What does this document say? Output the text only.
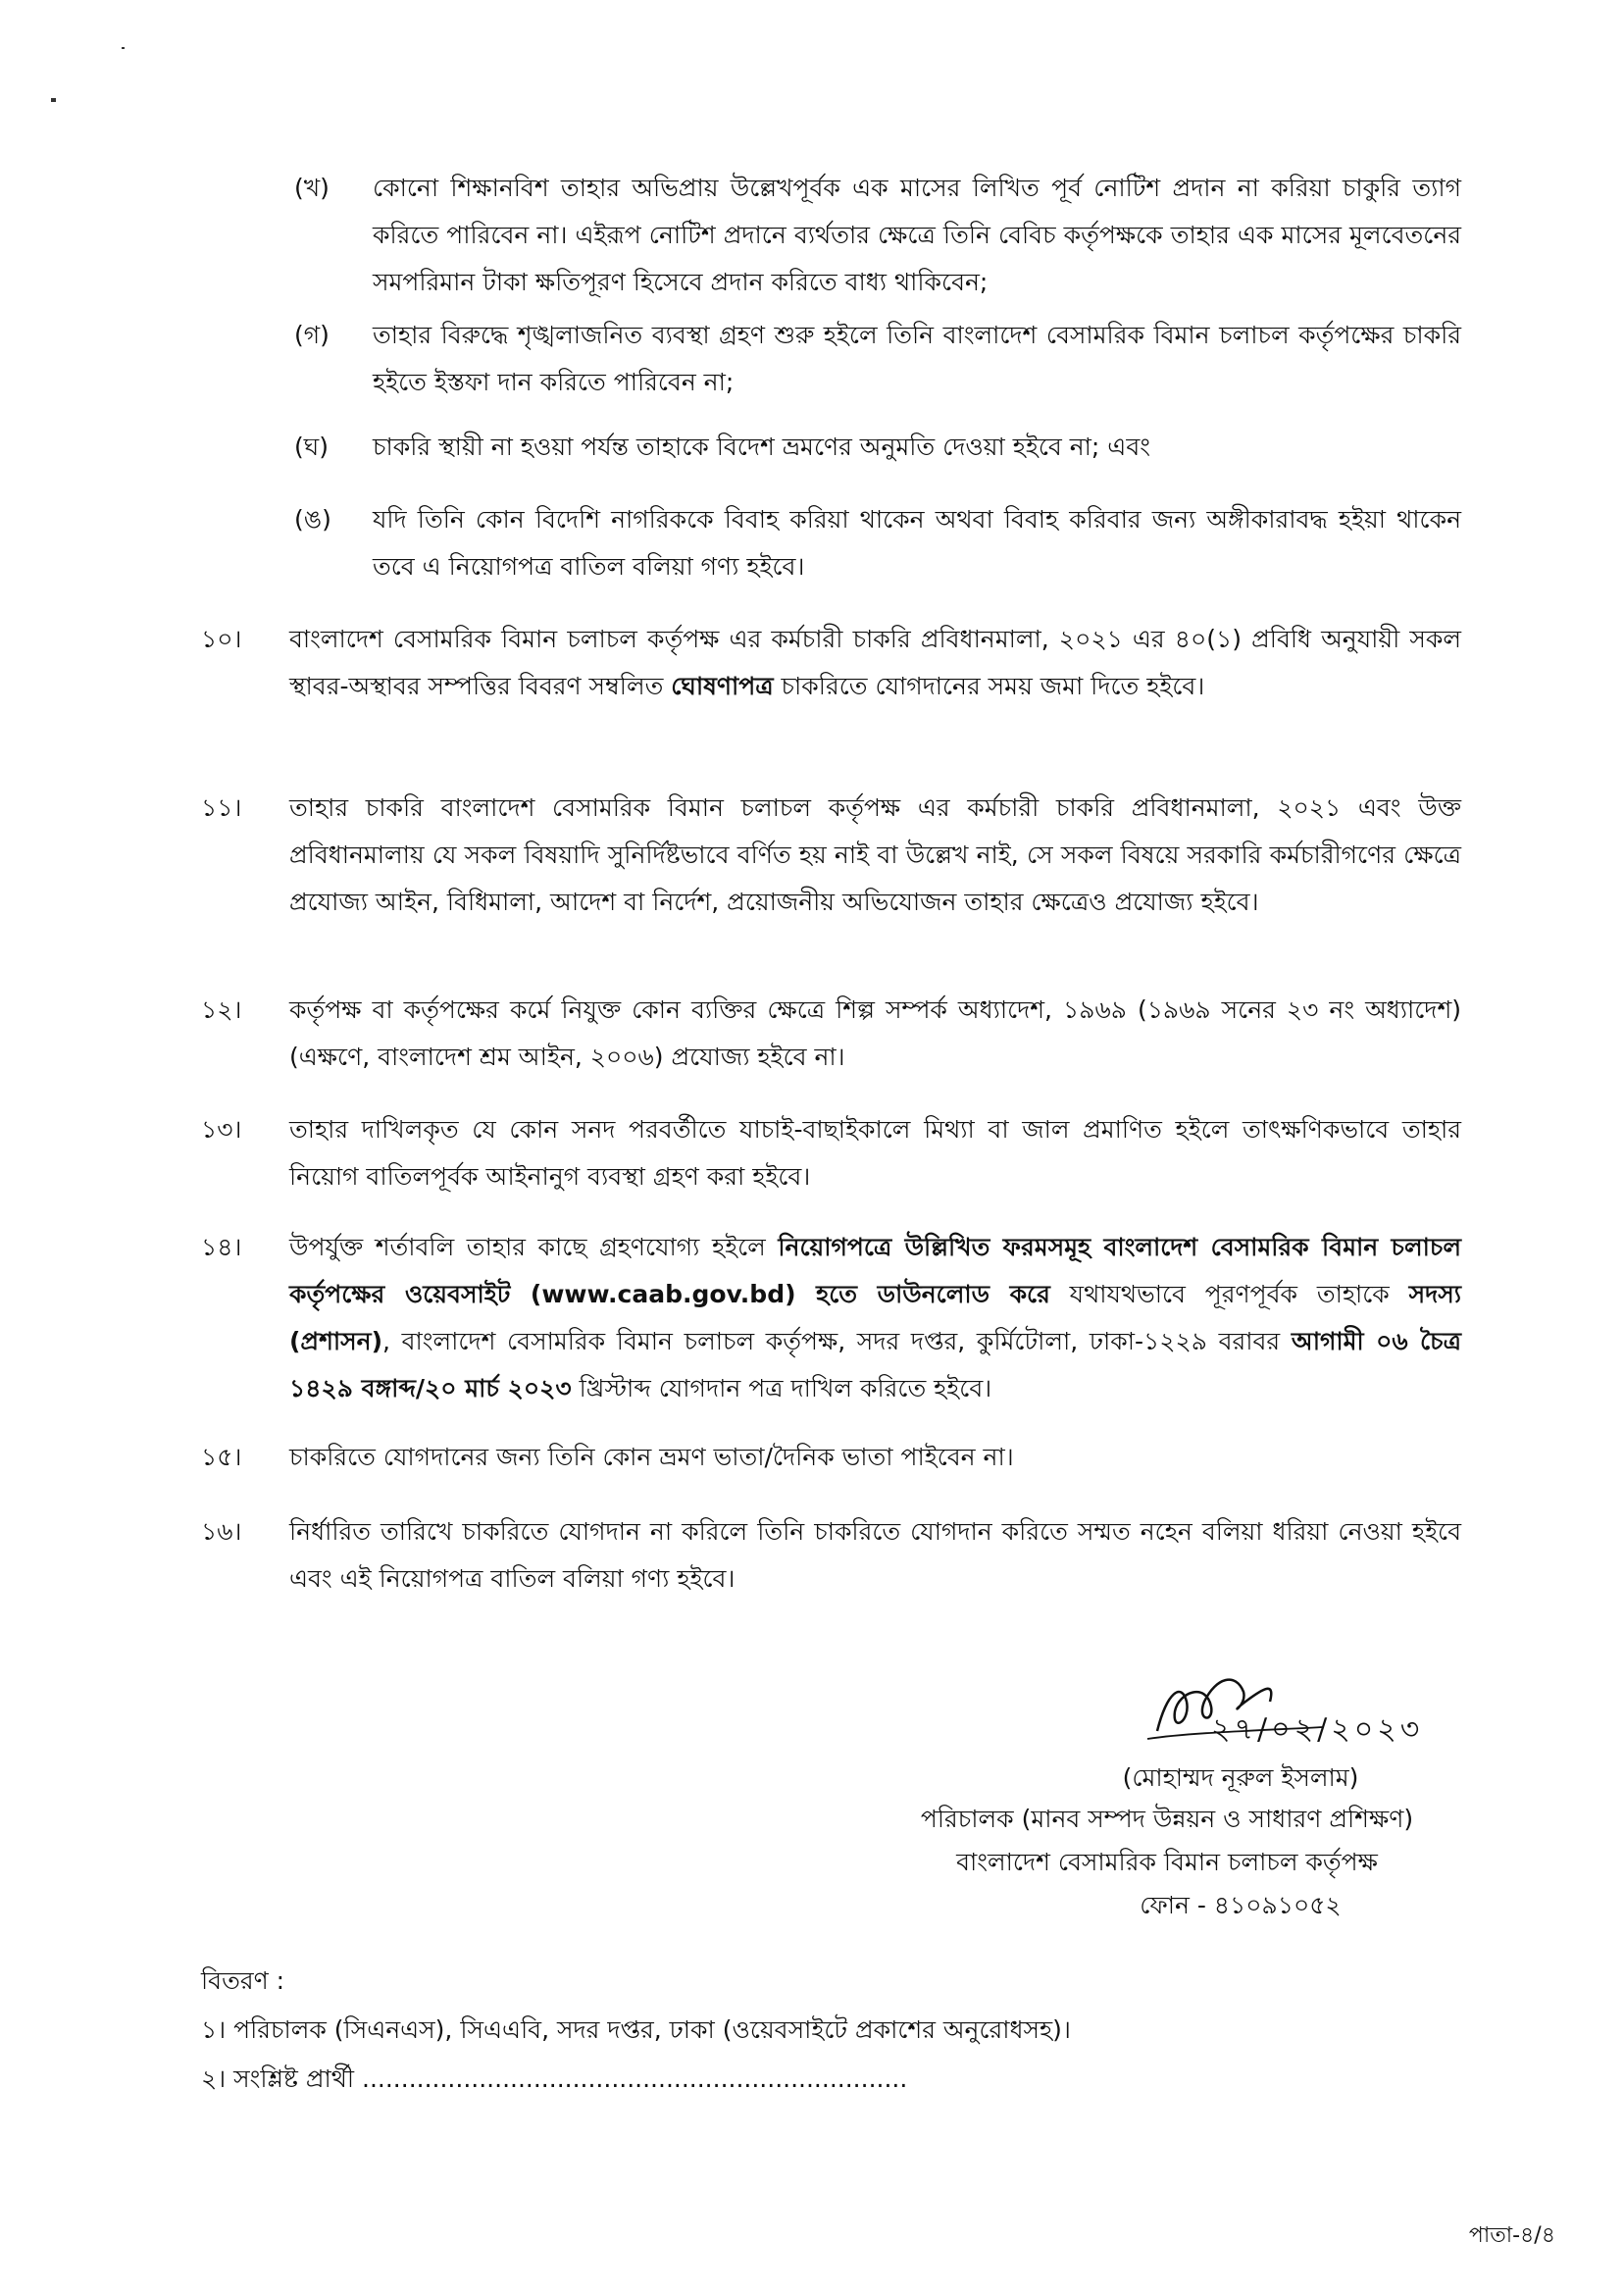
(খ)	কোনো শিক্ষানবিশ তাহার অভিপ্রায় উল্লেখপূর্বক এক মাসের লিখিত পূর্ব নোটিশ প্রদান না করিয়া চাকুরি ত্যাগ করিতে পারিবেন না। এইরূপ নোটিশ প্রদানে ব্যর্থতার ক্ষেত্রে তিনি বেবিচ কর্তৃপক্ষকে তাহার এক মাসের মূলবেতনের সমপরিমান টাকা ক্ষতিপূরণ হিসেবে প্রদান করিতে বাধ্য থাকিবেন;
(গ)	তাহার বিরুদ্ধে শৃঙ্খলাজনিত ব্যবস্থা গ্রহণ শুরু হইলে তিনি বাংলাদেশ বেসামরিক বিমান চলাচল কর্তৃপক্ষের চাকরি হইতে ইস্তফা দান করিতে পারিবেন না;
(ঘ)	চাকরি স্থায়ী না হওয়া পর্যন্ত তাহাকে বিদেশ ভ্রমণের অনুমতি দেওয়া হইবে না; এবং
(ঙ)	যদি তিনি কোন বিদেশি নাগরিককে বিবাহ করিয়া থাকেন অথবা বিবাহ করিবার জন্য অঙ্গীকারাবদ্ধ হইয়া থাকেন তবে এ নিয়োগপত্র বাতিল বলিয়া গণ্য হইবে।
১০।	বাংলাদেশ বেসামরিক বিমান চলাচল কর্তৃপক্ষ এর কর্মচারী চাকরি প্রবিধানমালা, ২০২১ এর ৪০(১) প্রবিধি অনুযায়ী সকল স্থাবর-অস্থাবর সম্পত্তির বিবরণ সম্বলিত ঘোষণাপত্র চাকরিতে যোগদানের সময় জমা দিতে হইবে।
১১।	তাহার চাকরি বাংলাদেশ বেসামরিক বিমান চলাচল কর্তৃপক্ষ এর কর্মচারী চাকরি প্রবিধানমালা, ২০২১ এবং উক্ত প্রবিধানমালায় যে সকল বিষয়াদি সুনির্দিষ্টভাবে বর্ণিত হয় নাই বা উল্লেখ নাই, সে সকল বিষয়ে সরকারি কর্মচারীগণের ক্ষেত্রে প্রযোজ্য আইন, বিধিমালা, আদেশ বা নির্দেশ, প্রয়োজনীয় অভিযোজন তাহার ক্ষেত্রেও প্রযোজ্য হইবে।
১২।	কর্তৃপক্ষ বা কর্তৃপক্ষের কর্মে নিযুক্ত কোন ব্যক্তির ক্ষেত্রে শিল্প সম্পর্ক অধ্যাদেশ, ১৯৬৯ (১৯৬৯ সনের ২৩ নং অধ্যাদেশ) (এক্ষণে, বাংলাদেশ শ্রম আইন, ২০০৬) প্রযোজ্য হইবে না।
১৩।	তাহার দাখিলকৃত যে কোন সনদ পরবর্তীতে যাচাই-বাছাইকালে মিথ্যা বা জাল প্রমাণিত হইলে তাৎক্ষণিকভাবে তাহার নিয়োগ বাতিলপূর্বক আইনানুগ ব্যবস্থা গ্রহণ করা হইবে।
১৪।	উপর্যুক্ত শর্তাবলি তাহার কাছে গ্রহণযোগ্য হইলে নিয়োগপত্রে উল্লিখিত ফরমসমূহ বাংলাদেশ বেসামরিক বিমান চলাচল কর্তৃপক্ষের ওয়েবসাইট (www.caab.gov.bd) হতে ডাউনলোড করে যথাযথভাবে পূরণপূর্বক তাহাকে সদস্য (প্রশাসন), বাংলাদেশ বেসামরিক বিমান চলাচল কর্তৃপক্ষ, সদর দপ্তর, কুর্মিটোলা, ঢাকা-১২২৯ বরাবর আগামী ০৬ চৈত্র ১৪২৯ বঙ্গাব্দ/২০ মার্চ ২০২৩ খ্রিস্টাব্দ যোগদান পত্র দাখিল করিতে হইবে।
১৫।	চাকরিতে যোগদানের জন্য তিনি কোন ভ্রমণ ভাতা/দৈনিক ভাতা পাইবেন না।
১৬।	নির্ধারিত তারিখে চাকরিতে যোগদান না করিলে তিনি চাকরিতে যোগদান করিতে সম্মত নহেন বলিয়া ধরিয়া নেওয়া হইবে এবং এই নিয়োগপত্র বাতিল বলিয়া গণ্য হইবে।
২৭/০২/২০২৩
(মোহাম্মদ নূরুল ইসলাম)
পরিচালক (মানব সম্পদ উন্নয়ন ও সাধারণ প্রশিক্ষণ)
বাংলাদেশ বেসামরিক বিমান চলাচল কর্তৃপক্ষ
ফোন - ৪১০৯১০৫২
বিতরণ :
১। পরিচালক (সিএনএস), সিএএবি, সদর দপ্তর, ঢাকা (ওয়েবসাইটে প্রকাশের অনুরোধসহ)।
২। সংশ্লিষ্ট প্রার্থী ......................................................................
পাতা-৪/৪
